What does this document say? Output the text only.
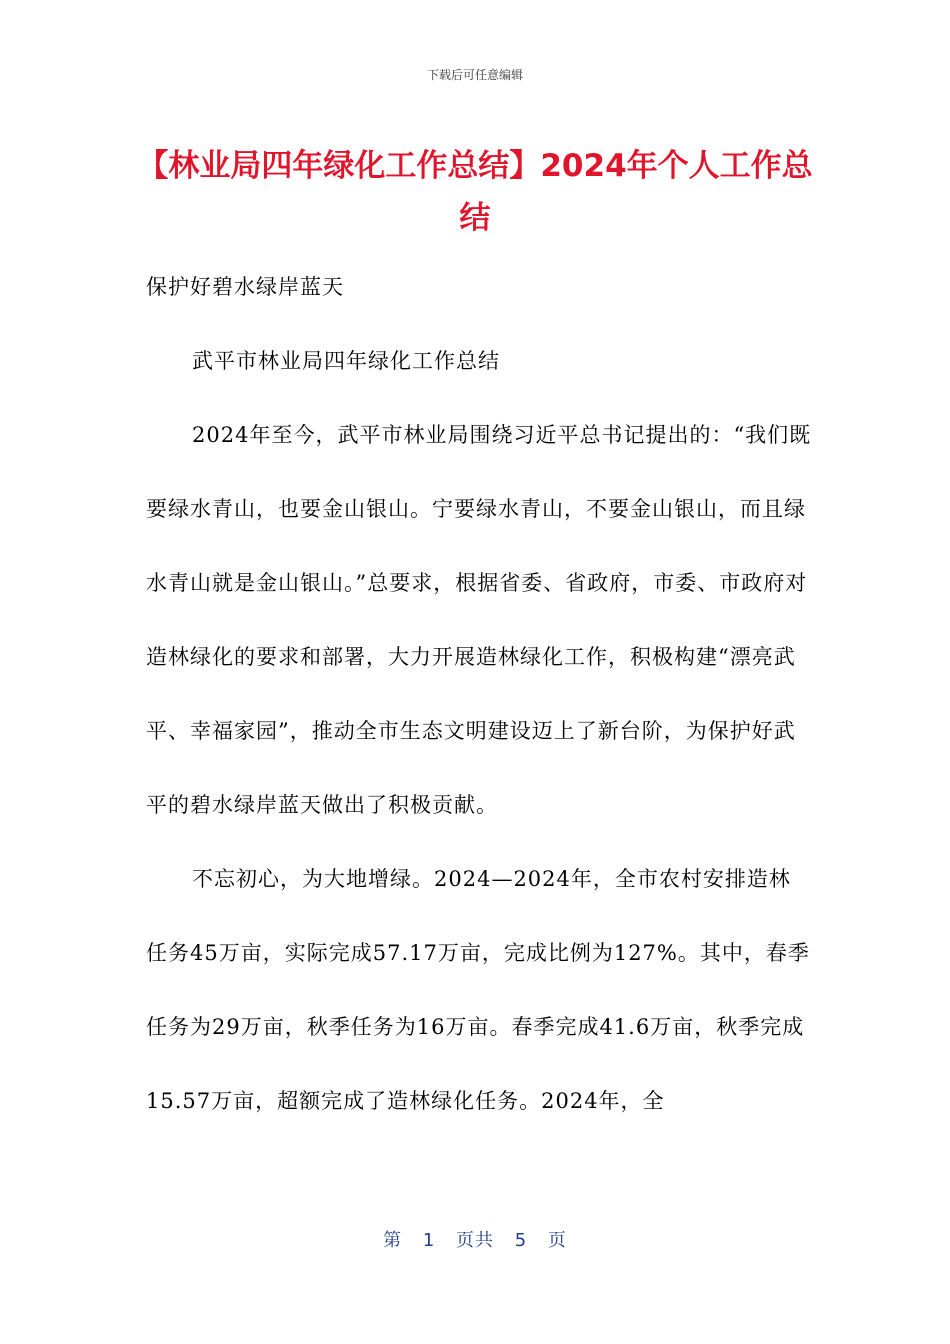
下载后可任意编辑
【林业局四年绿化工作总结】2024年个人工作总结

保护好碧水绿岸蓝天

武平市林业局四年绿化工作总结

2024年至今，武平市林业局围绕习近平总书记提出的：“我们既要绿水青山，也要金山银山。宁要绿水青山，不要金山银山，而且绿水青山就是金山银山。”总要求，根据省委、省政府，市委、市政府对造林绿化的要求和部署，大力开展造林绿化工作，积极构建“漂亮武平、幸福家园”，推动全市生态文明建设迈上了新台阶，为保护好武平的碧水绿岸蓝天做出了积极贡献。

不忘初心，为大地增绿。2024—2024年，全市农村安排造林任务45万亩，实际完成57.17万亩，完成比例为127%。其中，春季任务为29万亩，秋季任务为16万亩。春季完成41.6万亩，秋季完成15.57万亩，超额完成了造林绿化任务。2024年，全

第 1 页共 5 页
